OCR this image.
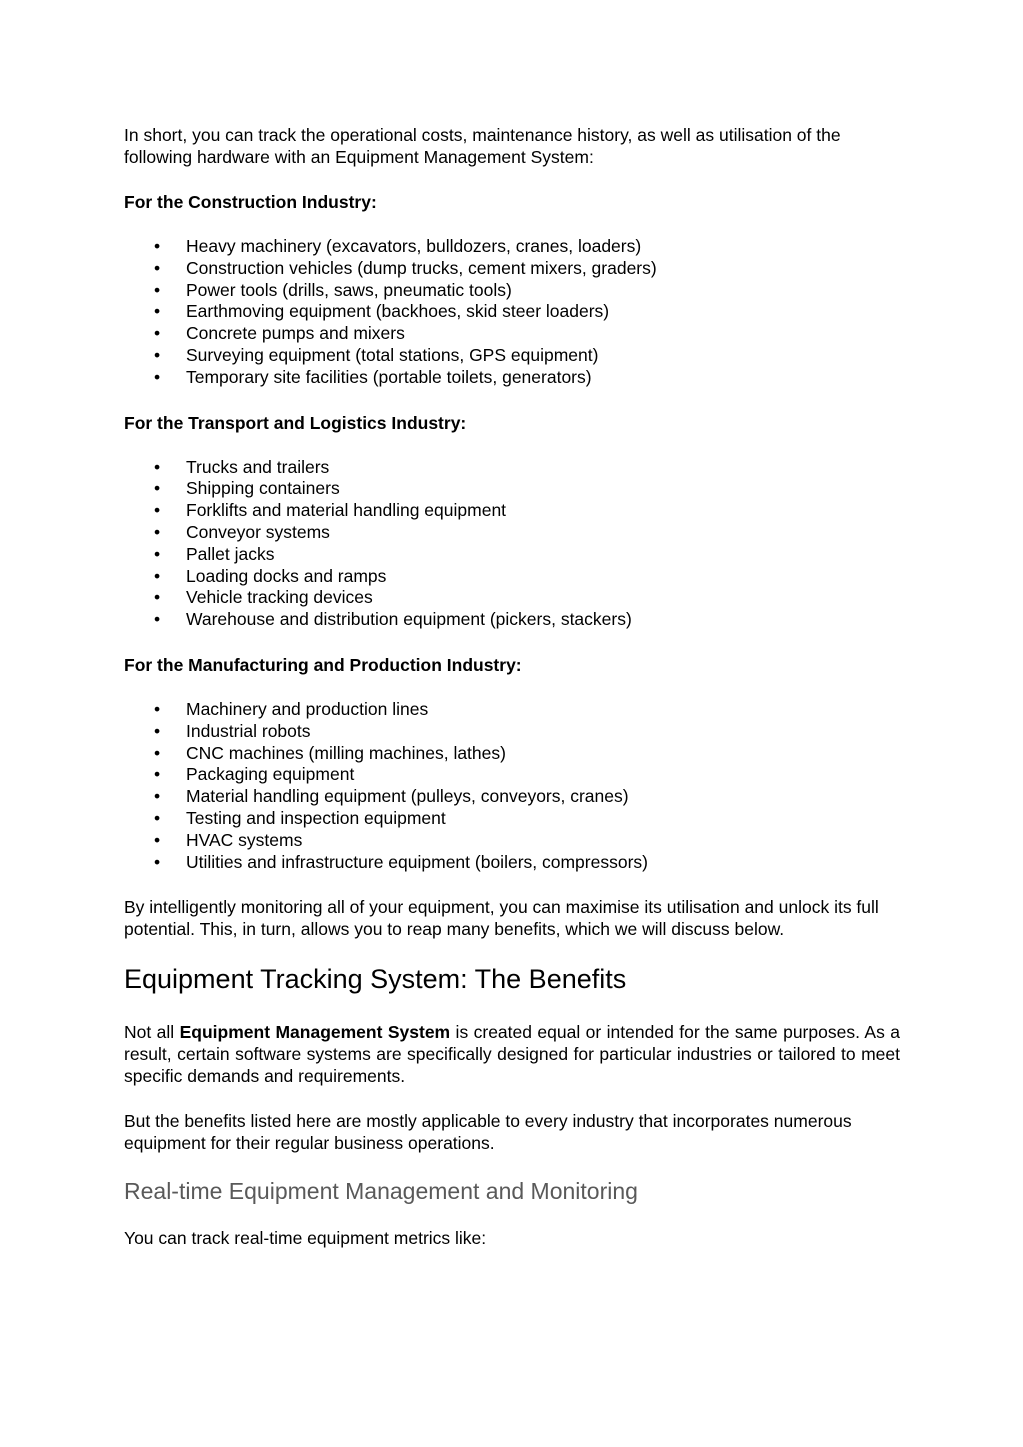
In short, you can track the operational costs, maintenance history, as well as utilisation of the following hardware with an Equipment Management System:

For the Construction Industry:

• Heavy machinery (excavators, bulldozers, cranes, loaders)
• Construction vehicles (dump trucks, cement mixers, graders)
• Power tools (drills, saws, pneumatic tools)
• Earthmoving equipment (backhoes, skid steer loaders)
• Concrete pumps and mixers
• Surveying equipment (total stations, GPS equipment)
• Temporary site facilities (portable toilets, generators)

For the Transport and Logistics Industry:

• Trucks and trailers
• Shipping containers
• Forklifts and material handling equipment
• Conveyor systems
• Pallet jacks
• Loading docks and ramps
• Vehicle tracking devices
• Warehouse and distribution equipment (pickers, stackers)

For the Manufacturing and Production Industry:

• Machinery and production lines
• Industrial robots
• CNC machines (milling machines, lathes)
• Packaging equipment
• Material handling equipment (pulleys, conveyors, cranes)
• Testing and inspection equipment
• HVAC systems
• Utilities and infrastructure equipment (boilers, compressors)

By intelligently monitoring all of your equipment, you can maximise its utilisation and unlock its full potential. This, in turn, allows you to reap many benefits, which we will discuss below.

Equipment Tracking System: The Benefits

Not all Equipment Management System is created equal or intended for the same purposes. As a result, certain software systems are specifically designed for particular industries or tailored to meet specific demands and requirements.

But the benefits listed here are mostly applicable to every industry that incorporates numerous equipment for their regular business operations.

Real-time Equipment Management and Monitoring

You can track real-time equipment metrics like:
